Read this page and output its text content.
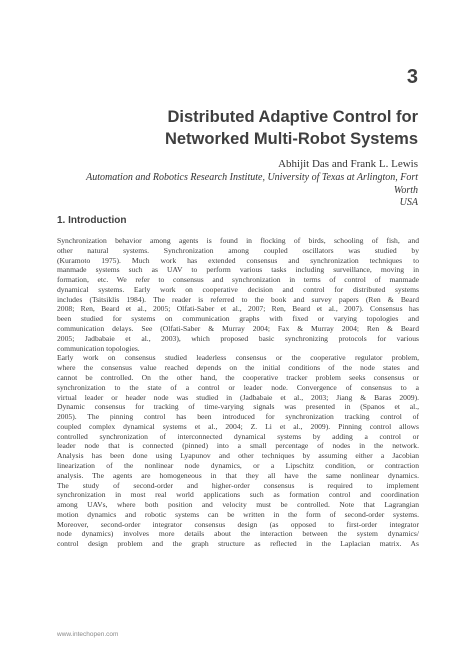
3
Distributed Adaptive Control for
Networked Multi-Robot Systems
Abhijit Das and Frank L. Lewis
Automation and Robotics Research Institute, University of Texas at Arlington, Fort Worth
USA
1. Introduction
Synchronization behavior among agents is found in flocking of birds, schooling of fish, and
other natural systems. Synchronization among coupled oscillators was studied by
(Kuramoto 1975). Much work has extended consensus and synchronization techniques to
manmade systems such as UAV to perform various tasks including surveillance, moving in
formation, etc. We refer to consensus and synchronization in terms of control of manmade
dynamical systems. Early work on cooperative decision and control for distributed systems
includes (Tsitsiklis 1984). The reader is referred to the book and survey papers (Ren & Beard
2008; Ren, Beard et al., 2005; Olfati-Saber et al., 2007; Ren, Beard et al., 2007). Consensus has
been studied for systems on communication graphs with fixed or varying topologies and
communication delays. See (Olfati-Saber & Murray 2004; Fax & Murray 2004; Ren & Beard
2005; Jadbabaie et al., 2003), which proposed basic synchronizing protocols for various
communication topologies.
Early work on consensus studied leaderless consensus or the cooperative regulator problem,
where the consensus value reached depends on the initial conditions of the node states and
cannot be controlled. On the other hand, the cooperative tracker problem seeks consensus or
synchronization to the state of a control or leader node. Convergence of consensus to a
virtual leader or header node was studied in (Jadbabaie et al., 2003; Jiang & Baras 2009).
Dynamic consensus for tracking of time-varying signals was presented in (Spanos et al.,
2005). The pinning control has been introduced for synchronization tracking control of
coupled complex dynamical systems et al., 2004; Z. Li et al., 2009). Pinning control allows
controlled synchronization of interconnected dynamical systems by adding a control or
leader node that is connected (pinned) into a small percentage of nodes in the network.
Analysis has been done using Lyapunov and other techniques by assuming either a Jacobian
linearization of the nonlinear node dynamics, or a Lipschitz condition, or contraction
analysis. The agents are homogeneous in that they all have the same nonlinear dynamics.
The study of second-order and higher-order consensus is required to implement
synchronization in most real world applications such as formation control and coordination
among UAVs, where both position and velocity must be controlled. Note that Lagrangian
motion dynamics and robotic systems can be written in the form of second-order systems.
Moreover, second-order integrator consensus design (as opposed to first-order integrator
node dynamics) involves more details about the interaction between the system dynamics/
control design problem and the graph structure as reflected in the Laplacian matrix. As
www.intechopen.com
